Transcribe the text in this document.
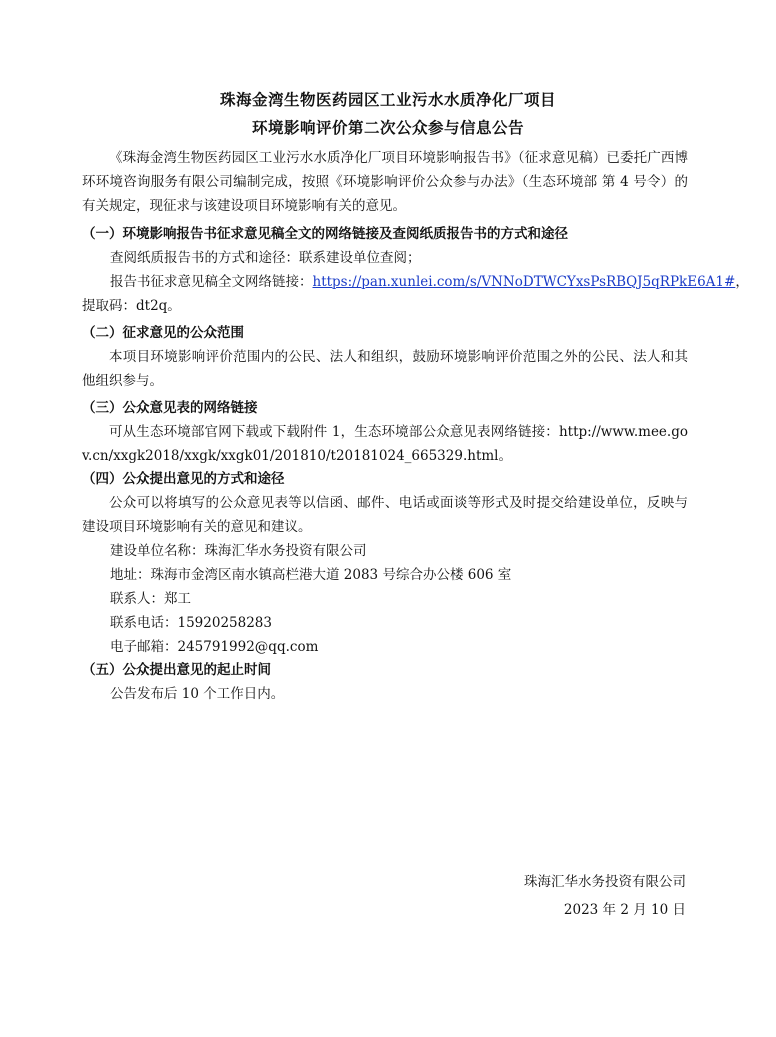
珠海金湾生物医药园区工业污水水质净化厂项目
环境影响评价第二次公众参与信息公告
《珠海金湾生物医药园区工业污水水质净化厂项目环境影响报告书》（征求意见稿）已委托广西博环环境咨询服务有限公司编制完成，按照《环境影响评价公众参与办法》（生态环境部 第 4 号令）的有关规定，现征求与该建设项目环境影响有关的意见。
（一）环境影响报告书征求意见稿全文的网络链接及查阅纸质报告书的方式和途径
查阅纸质报告书的方式和途径：联系建设单位查阅；
报告书征求意见稿全文网络链接：https://pan.xunlei.com/s/VNNoDTWCYxsPsRBQJ5qRPkE6A1#，
提取码：dt2q。
（二）征求意见的公众范围
本项目环境影响评价范围内的公民、法人和组织，鼓励环境影响评价范围之外的公民、法人和其他组织参与。
（三）公众意见表的网络链接
可从生态环境部官网下载或下载附件 1，生态环境部公众意见表网络链接：http://www.mee.gov.cn/xxgk2018/xxgk/xxgk01/201810/t20181024_665329.html。
（四）公众提出意见的方式和途径
公众可以将填写的公众意见表等以信函、邮件、电话或面谈等形式及时提交给建设单位，反映与建设项目环境影响有关的意见和建议。
建设单位名称：珠海汇华水务投资有限公司
地址：珠海市金湾区南水镇高栏港大道 2083 号综合办公楼 606 室
联系人：郑工
联系电话：15920258283
电子邮箱：245791992@qq.com
（五）公众提出意见的起止时间
公告发布后 10 个工作日内。
珠海汇华水务投资有限公司
2023 年 2 月 10 日
